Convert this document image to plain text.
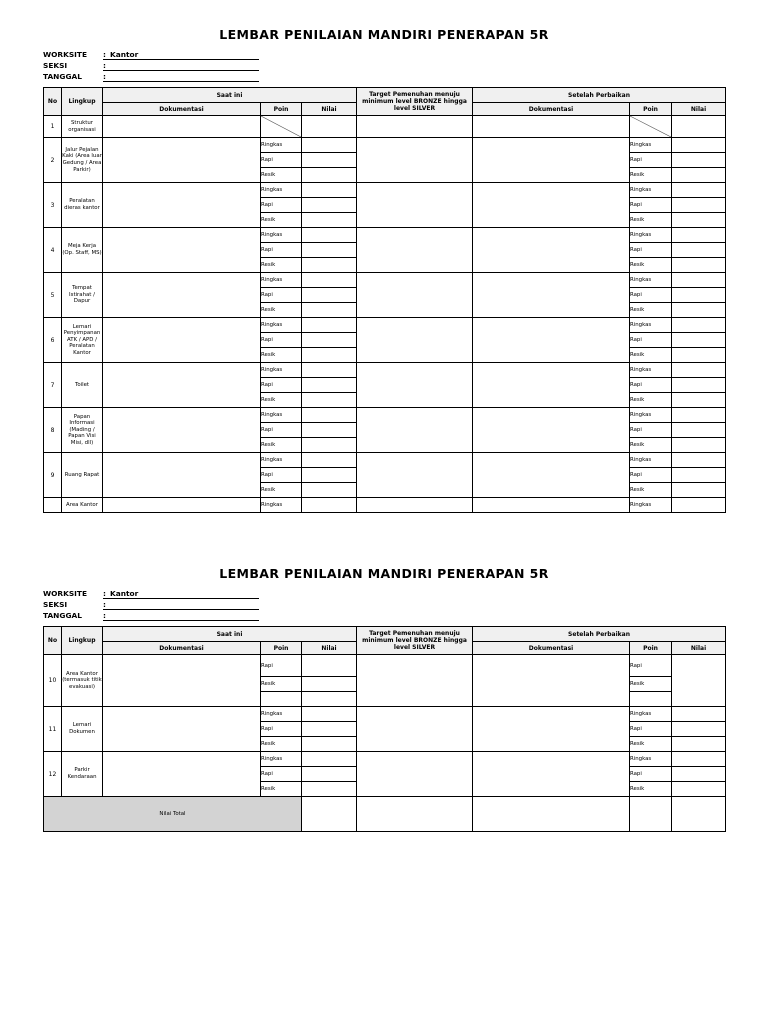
LEMBAR PENILAIAN MANDIRI PENERAPAN 5R
WORKSITE : Kantor
SEKSI	:
TANGGAL	:
No	Lingkup	Saat ini			Target Pemenuhan menuju minimum level BRONZE hingga level SILVER	Setelah Perbaikan		
		Dokumentasi	Poin	Nilai		Dokumentasi	Poin	Nilai
1	Struktur organisasi		

2	Jalur Pejalan Kaki (Area luar Gedung / Area Parkir)		Ringkas				Ringkas	
			Rapi				Rapi	
			Resik				Resik	
3	Peralatan dieras kantor		Ringkas				Ringkas	
			Rapi				Rapi	
			Resik				Resik	
4	Meja Kerja (Op. Staff, MS)		Ringkas				Ringkas	
			Rapi				Rapi	
			Resik				Resik	
5	Tempat Istirahat / Dapur		Ringkas				Ringkas	
			Rapi				Rapi	
			Resik				Resik	
6	Lemari Penyimpanan ATK / APD / Peralatan Kantor		Ringkas				Ringkas	
			Rapi				Rapi	
			Resik				Resik	
7	Toilet		Ringkas				Ringkas	
			Rapi				Rapi	
			Resik				Resik	
8	Papan Informasi (Mading / Papan Visi Misi, dll)		Ringkas				Ringkas	
			Rapi				Rapi	
			Resik				Resik	
9	Ruang Rapat		Ringkas				Ringkas	
			Rapi				Rapi	
			Resik				Resik	
	Area Kantor		Ringkas				Ringkas	
LEMBAR PENILAIAN MANDIRI PENERAPAN 5R
WORKSITE : Kantor
SEKSI	:
TANGGAL	:
No	Lingkup	Saat ini			Target Pemenuhan menuju minimum level BRONZE hingga level SILVER	Setelah Perbaikan		
		Dokumentasi	Poin	Nilai		Dokumentasi	Poin	Nilai
10	Area Kantor (termasuk titik evakuasi)		Rapi				Rapi	
			Resik				Resik	

11	Lemari Dokumen		Ringkas				Ringkas	
			Rapi				Rapi	
			Resik				Resik	
12	Parkir Kendaraan		Ringkas				Ringkas	
			Rapi				Rapi	
			Resik				Resik	
Nilai Total								
